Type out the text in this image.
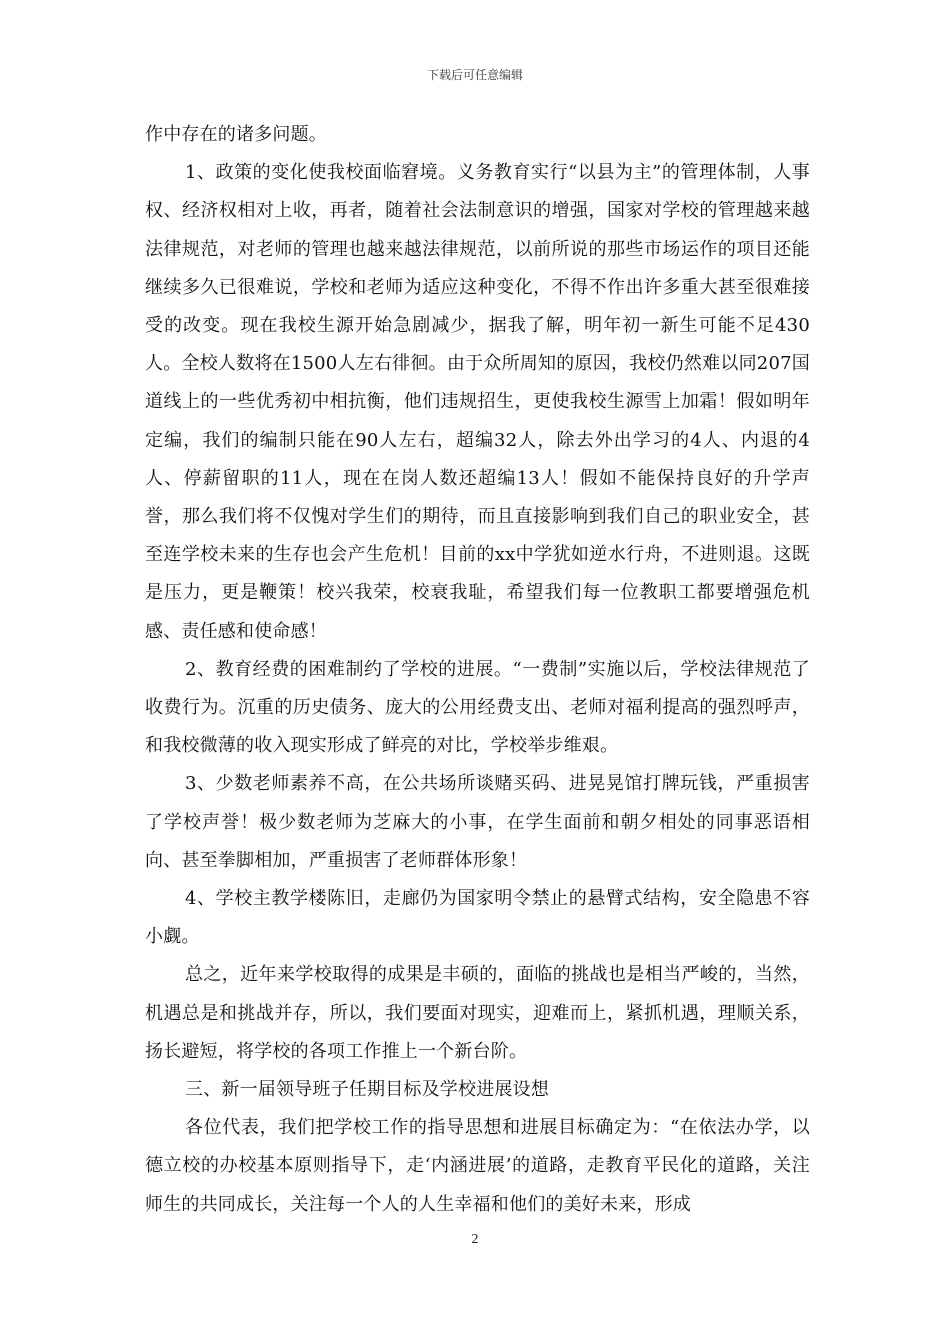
下载后可任意编辑

作中存在的诸多问题。

1、政策的变化使我校面临窘境。义务教育实行“以县为主”的管理体制，人事权、经济权相对上收，再者，随着社会法制意识的增强，国家对学校的管理越来越法律规范，对老师的管理也越来越法律规范，以前所说的那些市场运作的项目还能继续多久已很难说，学校和老师为适应这种变化，不得不作出许多重大甚至很难接受的改变。现在我校生源开始急剧减少，据我了解，明年初一新生可能不足430人。全校人数将在1500人左右徘徊。由于众所周知的原因，我校仍然难以同207国道线上的一些优秀初中相抗衡，他们违规招生，更使我校生源雪上加霜！假如明年定编，我们的编制只能在90人左右，超编32人，除去外出学习的4人、内退的4人、停薪留职的11人，现在在岗人数还超编13人！假如不能保持良好的升学声誉，那么我们将不仅愧对学生们的期待，而且直接影响到我们自己的职业安全，甚至连学校未来的生存也会产生危机！目前的xx中学犹如逆水行舟，不进则退。这既是压力，更是鞭策！校兴我荣，校衰我耻，希望我们每一位教职工都要增强危机感、责任感和使命感！

2、教育经费的困难制约了学校的进展。“一费制”实施以后，学校法律规范了收费行为。沉重的历史债务、庞大的公用经费支出、老师对福利提高的强烈呼声，和我校微薄的收入现实形成了鲜亮的对比，学校举步维艰。

3、少数老师素养不高，在公共场所谈赌买码、进晃晃馆打牌玩钱，严重损害了学校声誉！极少数老师为芝麻大的小事，在学生面前和朝夕相处的同事恶语相向、甚至拳脚相加，严重损害了老师群体形象！

4、学校主教学楼陈旧，走廊仍为国家明令禁止的悬臂式结构，安全隐患不容小觑。

总之，近年来学校取得的成果是丰硕的，面临的挑战也是相当严峻的，当然，机遇总是和挑战并存，所以，我们要面对现实，迎难而上，紧抓机遇，理顺关系，扬长避短，将学校的各项工作推上一个新台阶。

三、新一届领导班子任期目标及学校进展设想

各位代表，我们把学校工作的指导思想和进展目标确定为：“在依法办学，以德立校的办校基本原则指导下，走‘内涵进展’的道路，走教育平民化的道路，关注师生的共同成长，关注每一个人的人生幸福和他们的美好未来，形成

2
